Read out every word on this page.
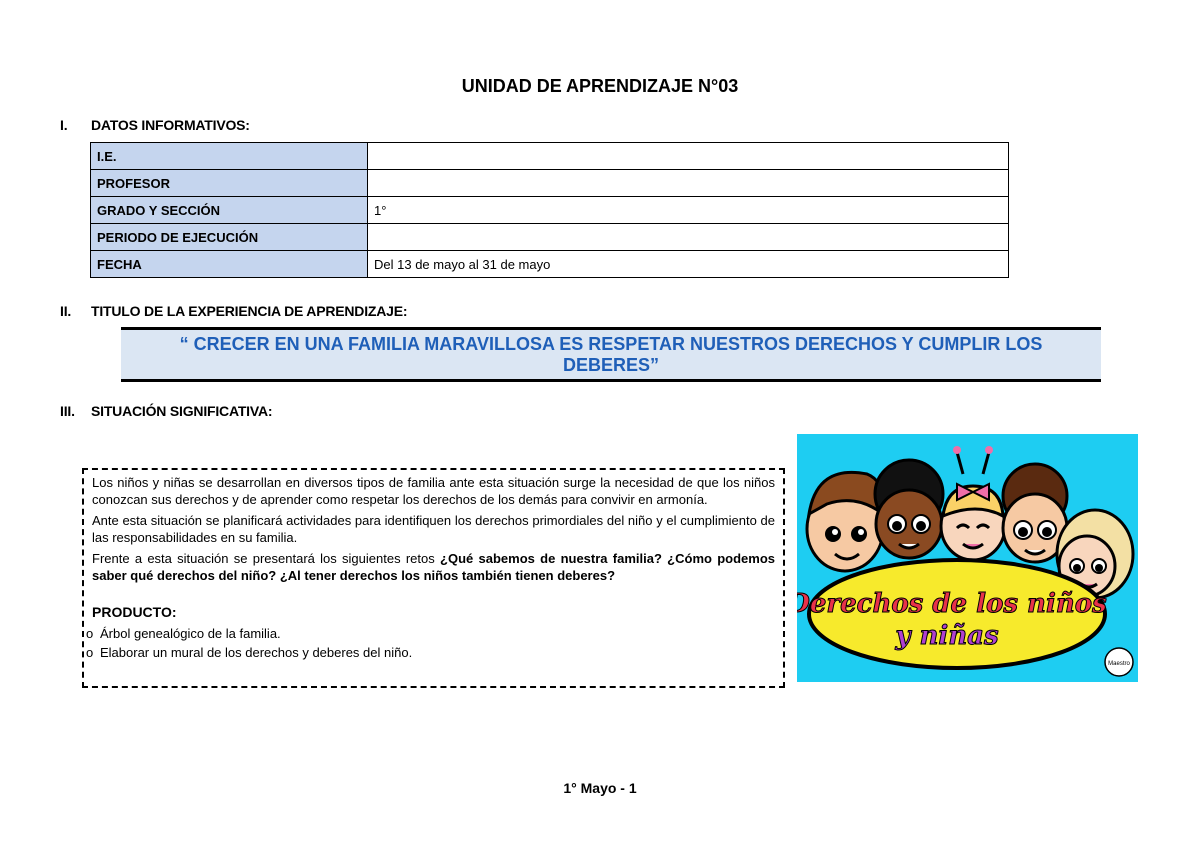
UNIDAD DE APRENDIZAJE N°03
I. DATOS INFORMATIVOS:
I.E.	
PROFESOR	
GRADO Y SECCIÓN	1°
PERIODO DE EJECUCIÓN	
FECHA	Del 13 de mayo al 31 de mayo
II. TITULO DE LA EXPERIENCIA DE APRENDIZAJE:
“ CRECER EN UNA FAMILIA MARAVILLOSA ES RESPETAR NUESTROS DERECHOS Y CUMPLIR LOS DEBERES”
III. SITUACIÓN SIGNIFICATIVA:

Los niños y niñas se desarrollan en diversos tipos de familia ante esta situación surge la necesidad de que los niños conozcan sus derechos y de aprender como respetar los derechos de los demás para convivir en armonía.

Ante esta situación se planificará actividades para identifiquen los derechos primordiales del niño y el cumplimiento de las responsabilidades en su familia.

Frente a esta situación se presentará los siguientes retos ¿Qué sabemos de nuestra familia? ¿Cómo podemos saber qué derechos del niño? ¿Al tener derechos los niños también tienen deberes?

PRODUCTO:
o Árbol genealógico de la familia.
o Elaborar un mural de los derechos y deberes del niño.
Derechos de los niños
y niñas
Maestro
1° Mayo - 1
